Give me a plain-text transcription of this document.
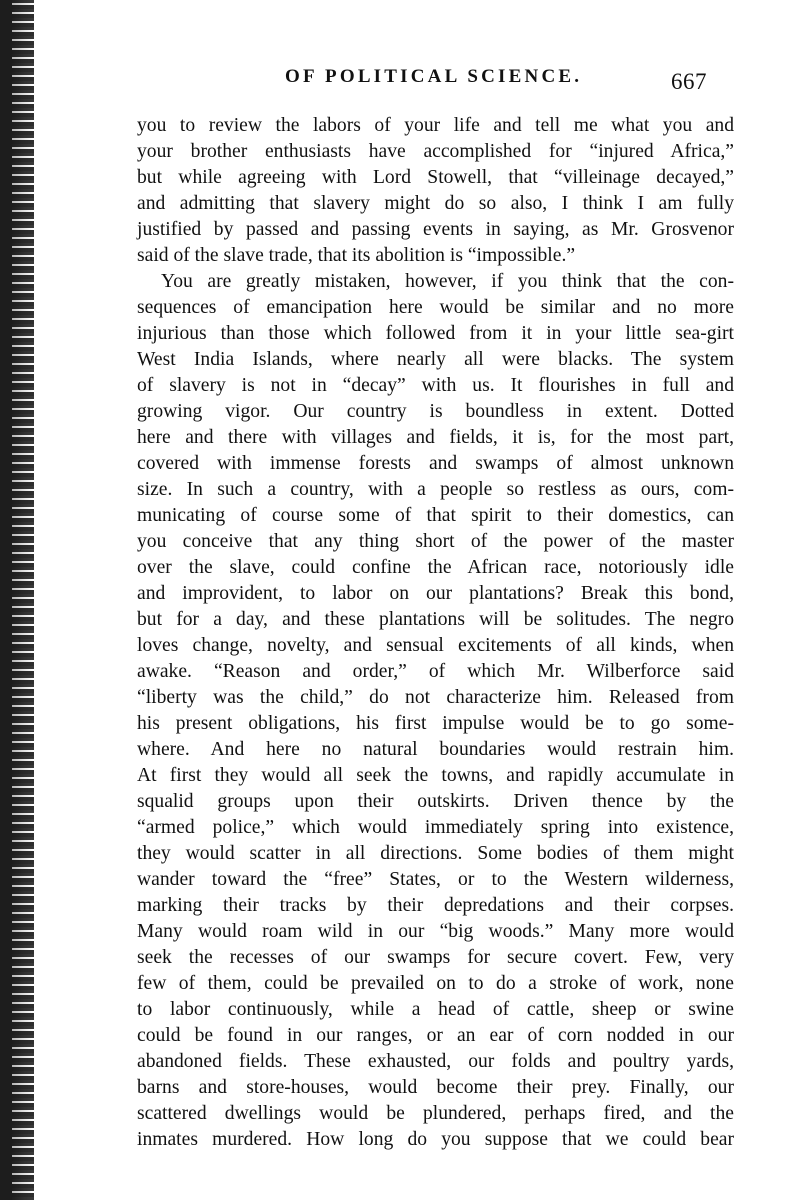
OF POLITICAL SCIENCE.	667
you to review the labors of your life and tell me what you and
your brother enthusiasts have accomplished for “injured Africa,”
but while agreeing with Lord Stowell, that “villeinage decayed,”
and admitting that slavery might do so also, I think I am fully
justified by passed and passing events in saying, as Mr. Grosvenor
said of the slave trade, that its abolition is “impossible.”
You are greatly mistaken, however, if you think that the con-
sequences of emancipation here would be similar and no more
injurious than those which followed from it in your little sea-girt
West India Islands, where nearly all were blacks. The system
of slavery is not in “decay” with us. It flourishes in full and
growing vigor. Our country is boundless in extent. Dotted
here and there with villages and fields, it is, for the most part,
covered with immense forests and swamps of almost unknown
size. In such a country, with a people so restless as ours, com-
municating of course some of that spirit to their domestics, can
you conceive that any thing short of the power of the master
over the slave, could confine the African race, notoriously idle
and improvident, to labor on our plantations? Break this bond,
but for a day, and these plantations will be solitudes. The negro
loves change, novelty, and sensual excitements of all kinds, when
awake. “Reason and order,” of which Mr. Wilberforce said
“liberty was the child,” do not characterize him. Released from
his present obligations, his first impulse would be to go some-
where. And here no natural boundaries would restrain him.
At first they would all seek the towns, and rapidly accumulate in
squalid groups upon their outskirts. Driven thence by the
“armed police,” which would immediately spring into existence,
they would scatter in all directions. Some bodies of them might
wander toward the “free” States, or to the Western wilderness,
marking their tracks by their depredations and their corpses.
Many would roam wild in our “big woods.” Many more would
seek the recesses of our swamps for secure covert. Few, very
few of them, could be prevailed on to do a stroke of work, none
to labor continuously, while a head of cattle, sheep or swine
could be found in our ranges, or an ear of corn nodded in our
abandoned fields. These exhausted, our folds and poultry yards,
barns and store-houses, would become their prey. Finally, our
scattered dwellings would be plundered, perhaps fired, and the
inmates murdered. How long do you suppose that we could bear
